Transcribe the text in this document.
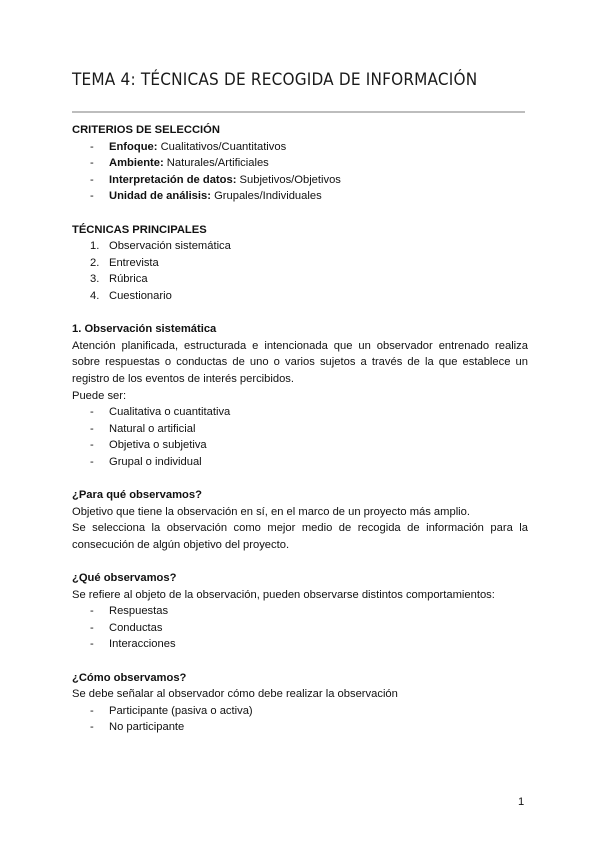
TEMA 4: TÉCNICAS DE RECOGIDA DE INFORMACIÓN

CRITERIOS DE SELECCIÓN

- Enfoque: Cualitativos/Cuantitativos
- Ambiente: Naturales/Artificiales
- Interpretación de datos: Subjetivos/Objetivos
- Unidad de análisis: Grupales/Individuales

TÉCNICAS PRINCIPALES

1. Observación sistemática
2. Entrevista
3. Rúbrica
4. Cuestionario

1. Observación sistemática

Atención planificada, estructurada e intencionada que un observador entrenado realiza sobre respuestas o conductas de uno o varios sujetos a través de la que establece un registro de los eventos de interés percibidos.

Puede ser:

- Cualitativa o cuantitativa
- Natural o artificial
- Objetiva o subjetiva
- Grupal o individual

¿Para qué observamos?

Objetivo que tiene la observación en sí, en el marco de un proyecto más amplio.

Se selecciona la observación como mejor medio de recogida de información para la consecución de algún objetivo del proyecto.

¿Qué observamos?

Se refiere al objeto de la observación, pueden observarse distintos comportamientos:

- Respuestas
- Conductas
- Interacciones

¿Cómo observamos?

Se debe señalar al observador cómo debe realizar la observación

- Participante (pasiva o activa)
- No participante
1
